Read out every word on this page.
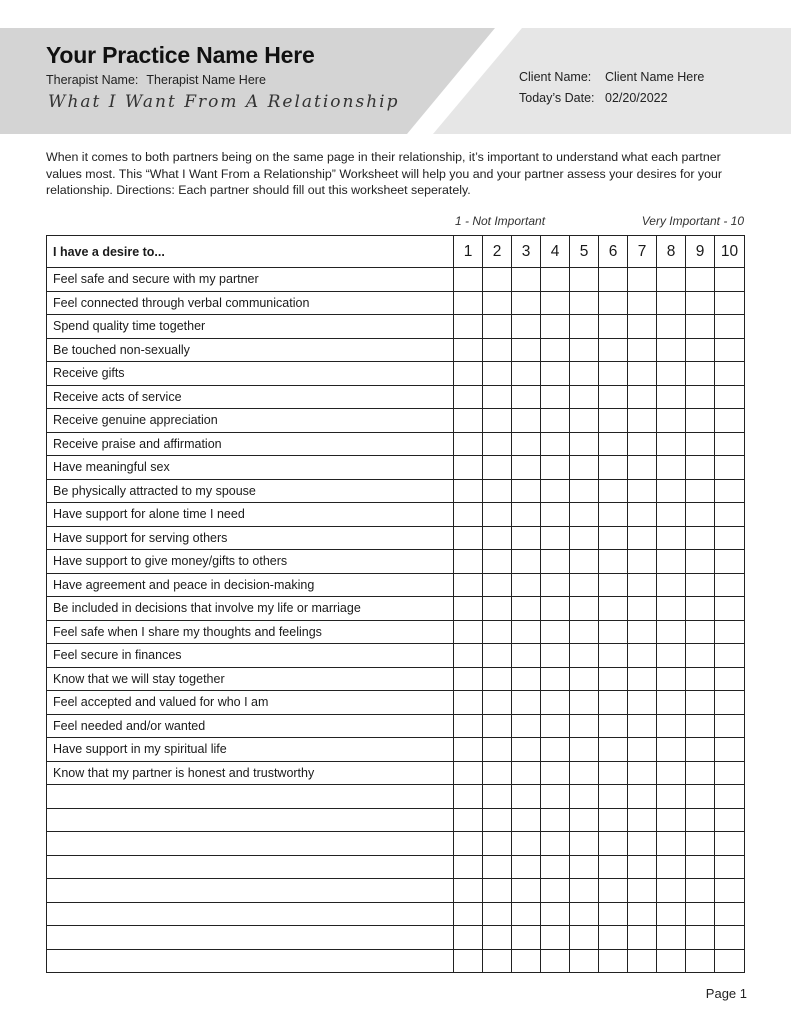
Your Practice Name Here
Therapist Name: Therapist Name Here
What I Want From A Relationship
Client Name:	Client Name Here
Today’s Date: 02/20/2022

When it comes to both partners being on the same page in their relationship, it’s important to understand what each partner values most. This “What I Want From a Relationship” Worksheet will help you and your partner assess your desires for your relationship. Directions: Each partner should fill out this worksheet seperately.

1 - Not Important	Very Important - 10
I have a desire to...	1	2	3	4	5	6	7	8	9	10
Feel safe and secure with my partner										
Feel connected through verbal communication										
Spend quality time together										
Be touched non-sexually										
Receive gifts										
Receive acts of service										
Receive genuine appreciation										
Receive praise and affirmation										
Have meaningful sex										
Be physically attracted to my spouse										
Have support for alone time I need										
Have support for serving others										
Have support to give money/gifts to others										
Have agreement and peace in decision-making										
Be included in decisions that involve my life or marriage										
Feel safe when I share my thoughts and feelings										
Feel secure in finances										
Know that we will stay together										
Feel accepted and valued for who I am										
Feel needed and/or wanted										
Have support in my spiritual life										
Know that my partner is honest and trustworthy										

Page 1
